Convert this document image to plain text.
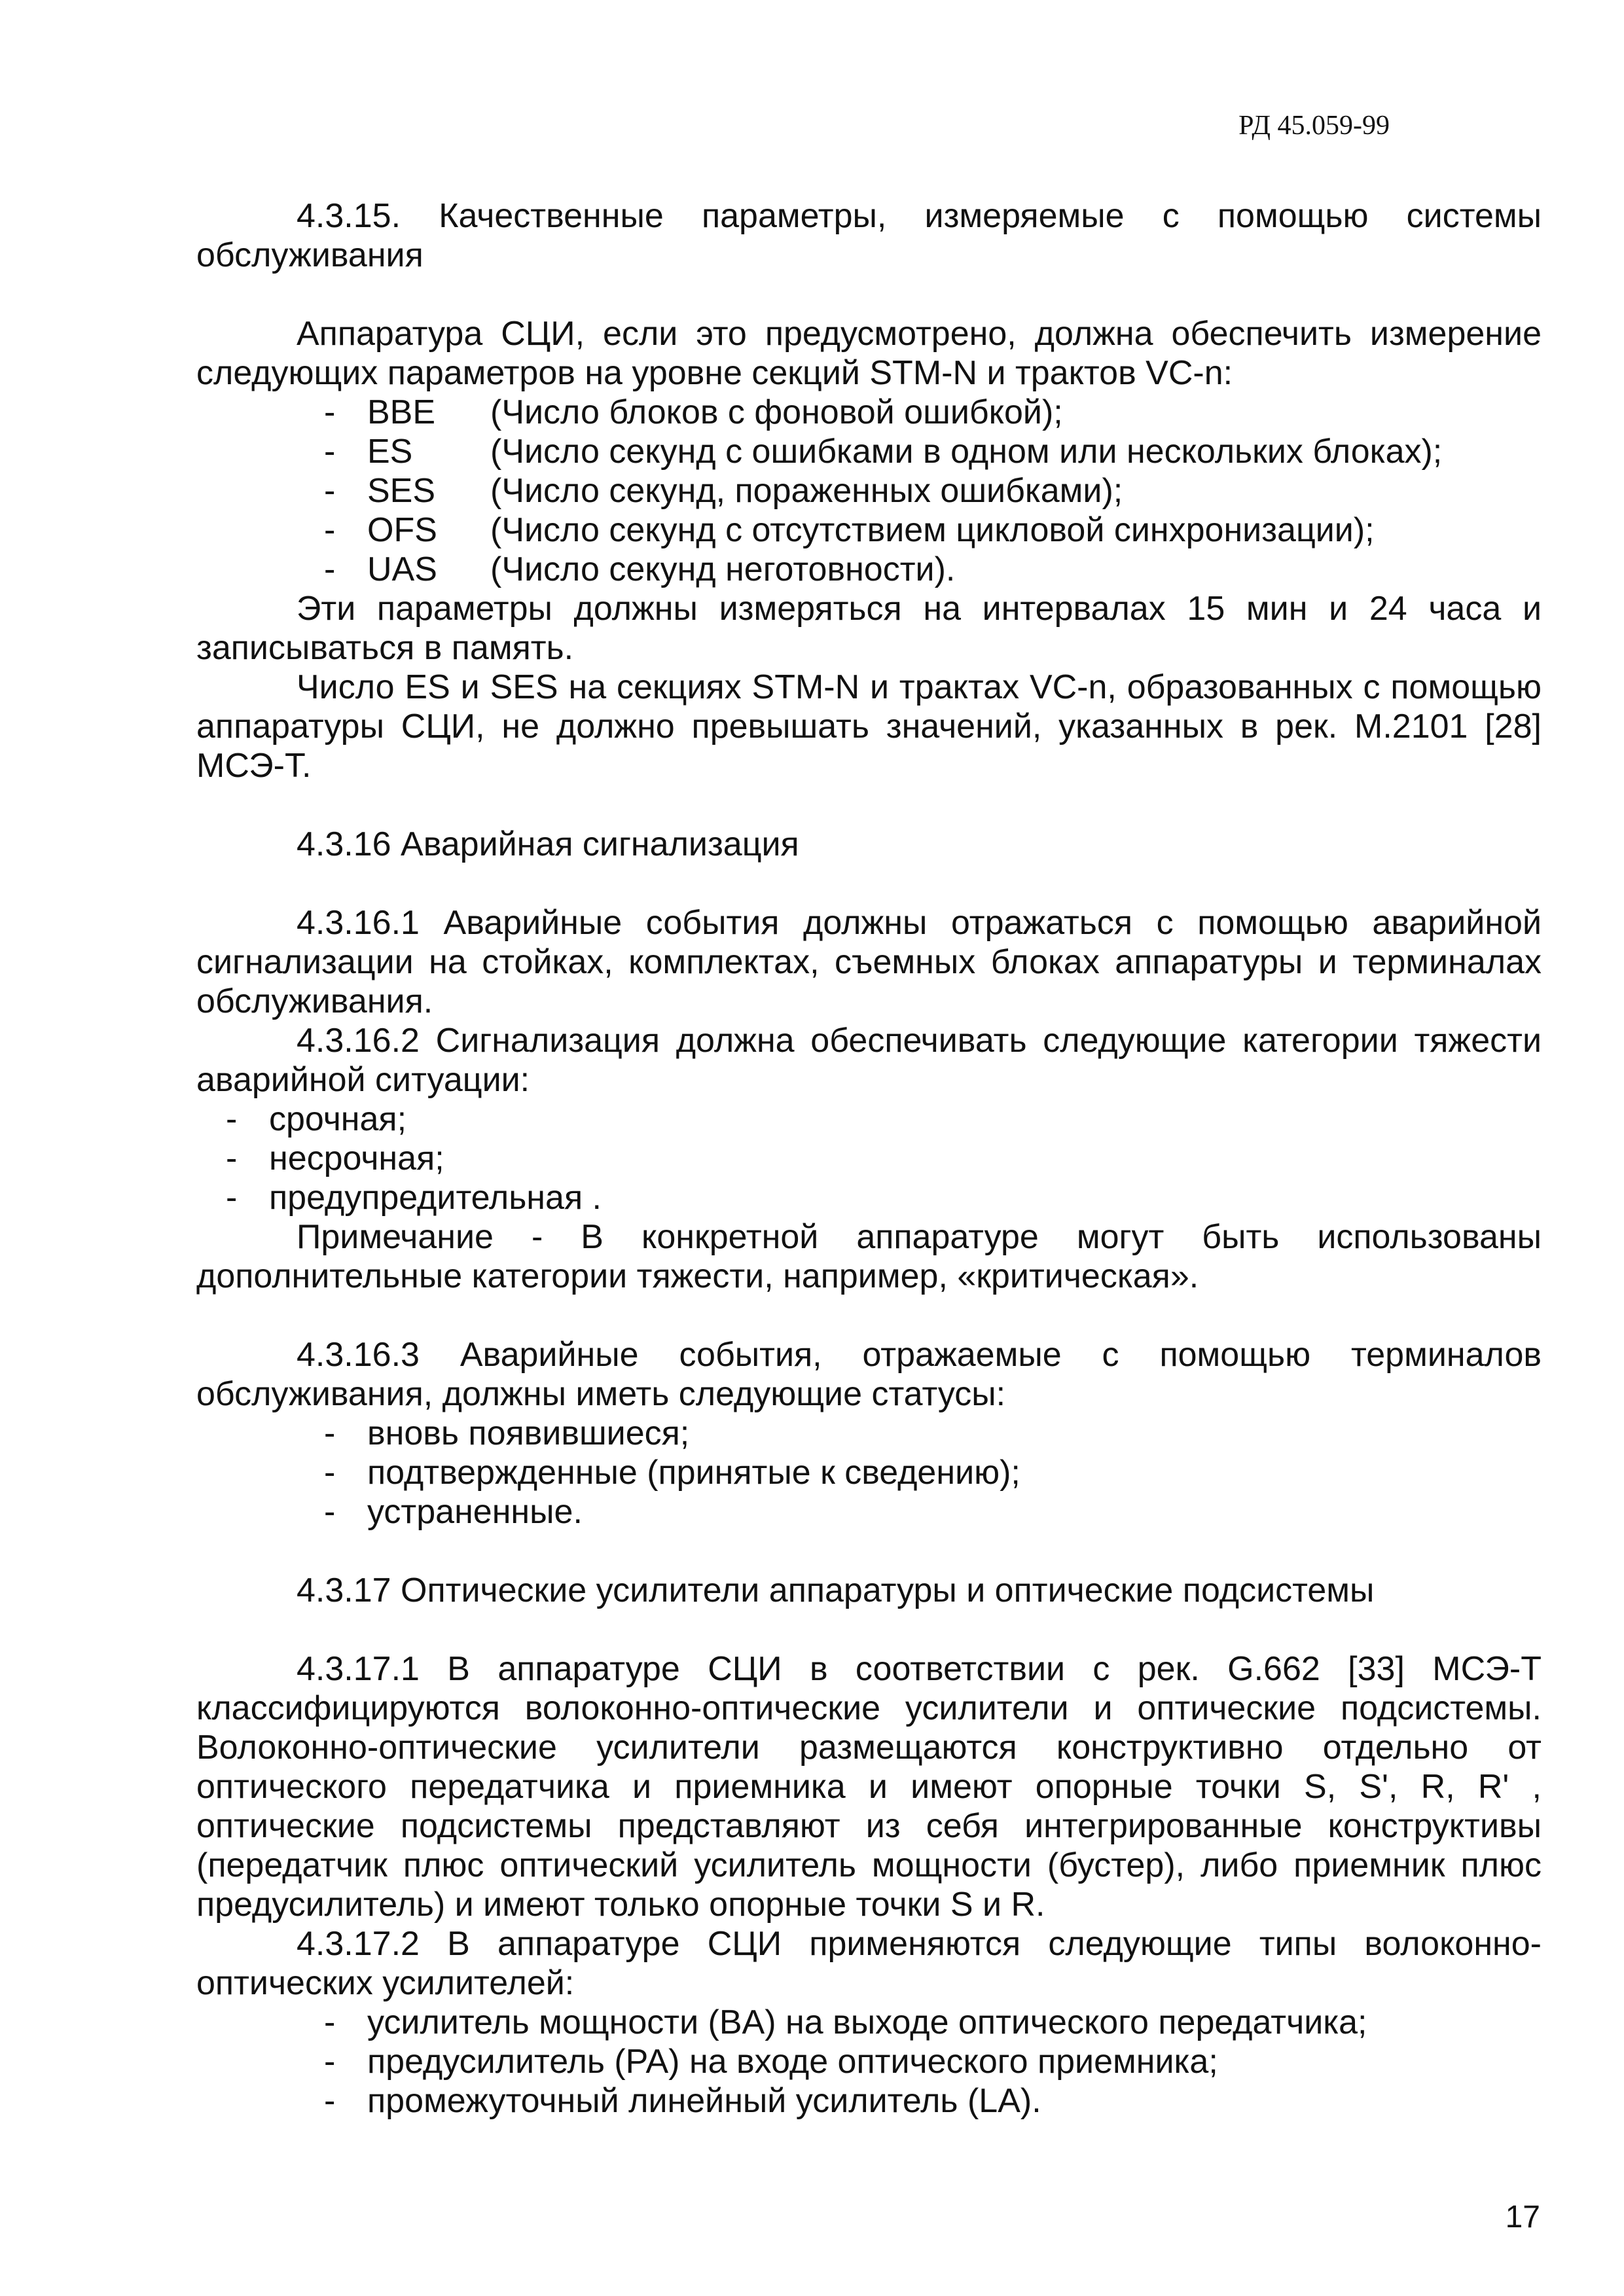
РД 45.059-99

4.3.15. Качественные параметры, измеряемые с помощью системы обслуживания

Аппаратура СЦИ, если это предусмотрено, должна обеспечить измерение следующих параметров на уровне секций STM-N и трактов VC-n:

- BBE	(Число блоков с фоновой ошибкой);
- ES	(Число секунд с ошибками в одном или нескольких блоках);
- SES	(Число секунд, пораженных ошибками);
- OFS	(Число секунд с отсутствием цикловой синхронизации);
- UAS	(Число секунд неготовности).

Эти параметры должны измеряться на интервалах 15 мин и 24 часа и записываться в память.

Число ES и SES на секциях STM-N и трактах VC-n, образованных с помощью аппаратуры СЦИ, не должно превышать значений, указанных в рек. М.2101 [28] МСЭ-Т.

4.3.16 Аварийная сигнализация

4.3.16.1 Аварийные события должны отражаться с помощью аварийной сигнализации на стойках, комплектах, съемных блоках аппаратуры и терминалах обслуживания.

4.3.16.2 Сигнализация должна обеспечивать следующие категории тяжести аварийной ситуации:

- срочная;
- несрочная;
- предупредительная .

Примечание - В конкретной аппаратуре могут быть использованы дополнительные категории тяжести, например, «критическая».

4.3.16.3 Аварийные события, отражаемые с помощью терминалов обслуживания, должны иметь следующие статусы:

- вновь появившиеся;
- подтвержденные (принятые к сведению);
- устраненные.

4.3.17 Оптические усилители аппаратуры и оптические подсистемы

4.3.17.1 В аппаратуре СЦИ в соответствии с рек. G.662 [33] МСЭ-Т классифицируются волоконно-оптические усилители и оптические подсистемы. Волоконно-оптические усилители размещаются конструктивно отдельно от оптического передатчика и приемника и имеют опорные точки S, S', R, R' , оптические подсистемы представляют из себя интегрированные конструктивы (передатчик плюс оптический усилитель мощности (бустер), либо приемник плюс предусилитель) и имеют только опорные точки S и R.

4.3.17.2 В аппаратуре СЦИ применяются следующие типы волоконно-оптических усилителей:

- усилитель мощности (BA) на выходе оптического передатчика;
- предусилитель (PA) на входе оптического приемника;
- промежуточный линейный усилитель (LA).
17
